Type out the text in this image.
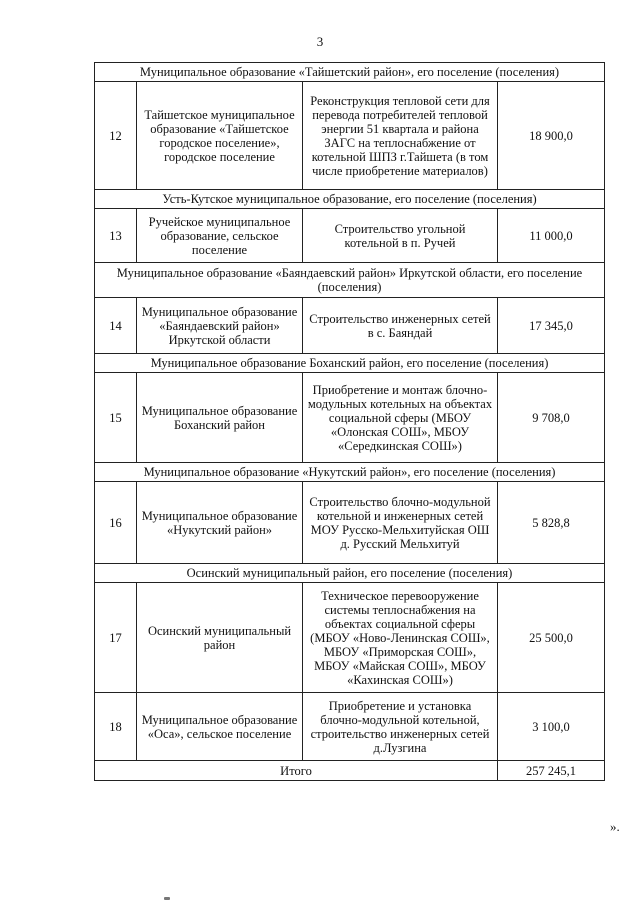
3
Муниципальное образование «Тайшетский район», его поселение (поселения)			
12	Тайшетское муниципальное образование «Тайшетское городское поселение», городское поселение	Реконструкция тепловой сети для перевода потребителей тепловой энергии 51 квартала и района ЗАГС на теплоснабжение от котельной ШПЗ г.Тайшета (в том числе приобретение материалов)	18 900,0
Усть-Кутское муниципальное образование, его поселение (поселения)			
13	Ручейское муниципальное образование, сельское поселение	Строительство угольной котельной в п. Ручей	11 000,0
Муниципальное образование «Баяндаевский район» Иркутской области, его поселение (поселения)			
14	Муниципальное образование «Баяндаевский район» Иркутской области	Строительство инженерных сетей в с. Баяндай	17 345,0
Муниципальное образование Боханский район, его поселение (поселения)			
15	Муниципальное образование Боханский район	Приобретение и монтаж блочно-модульных котельных на объектах социальной сферы (МБОУ «Олонская СОШ», МБОУ «Середкинская СОШ»)	9 708,0
Муниципальное образование «Нукутский район», его поселение (поселения)			
16	Муниципальное образование «Нукутский район»	Строительство блочно-модульной котельной и инженерных сетей МОУ Русско-Мельхитуйская ОШ д. Русский Мельхитуй	5 828,8
Осинский муниципальный район, его поселение (поселения)			
17	Осинский муниципальный район	Техническое перевооружение системы теплоснабжения на объектах социальной сферы (МБОУ «Ново-Ленинская СОШ», МБОУ «Приморская СОШ», МБОУ «Майская СОШ», МБОУ «Кахинская СОШ»)	25 500,0
18	Муниципальное образование «Оса», сельское поселение	Приобретение и установка блочно-модульной котельной, строительство инженерных сетей д.Лузгина	3 100,0
Итого			257 245,1
».
